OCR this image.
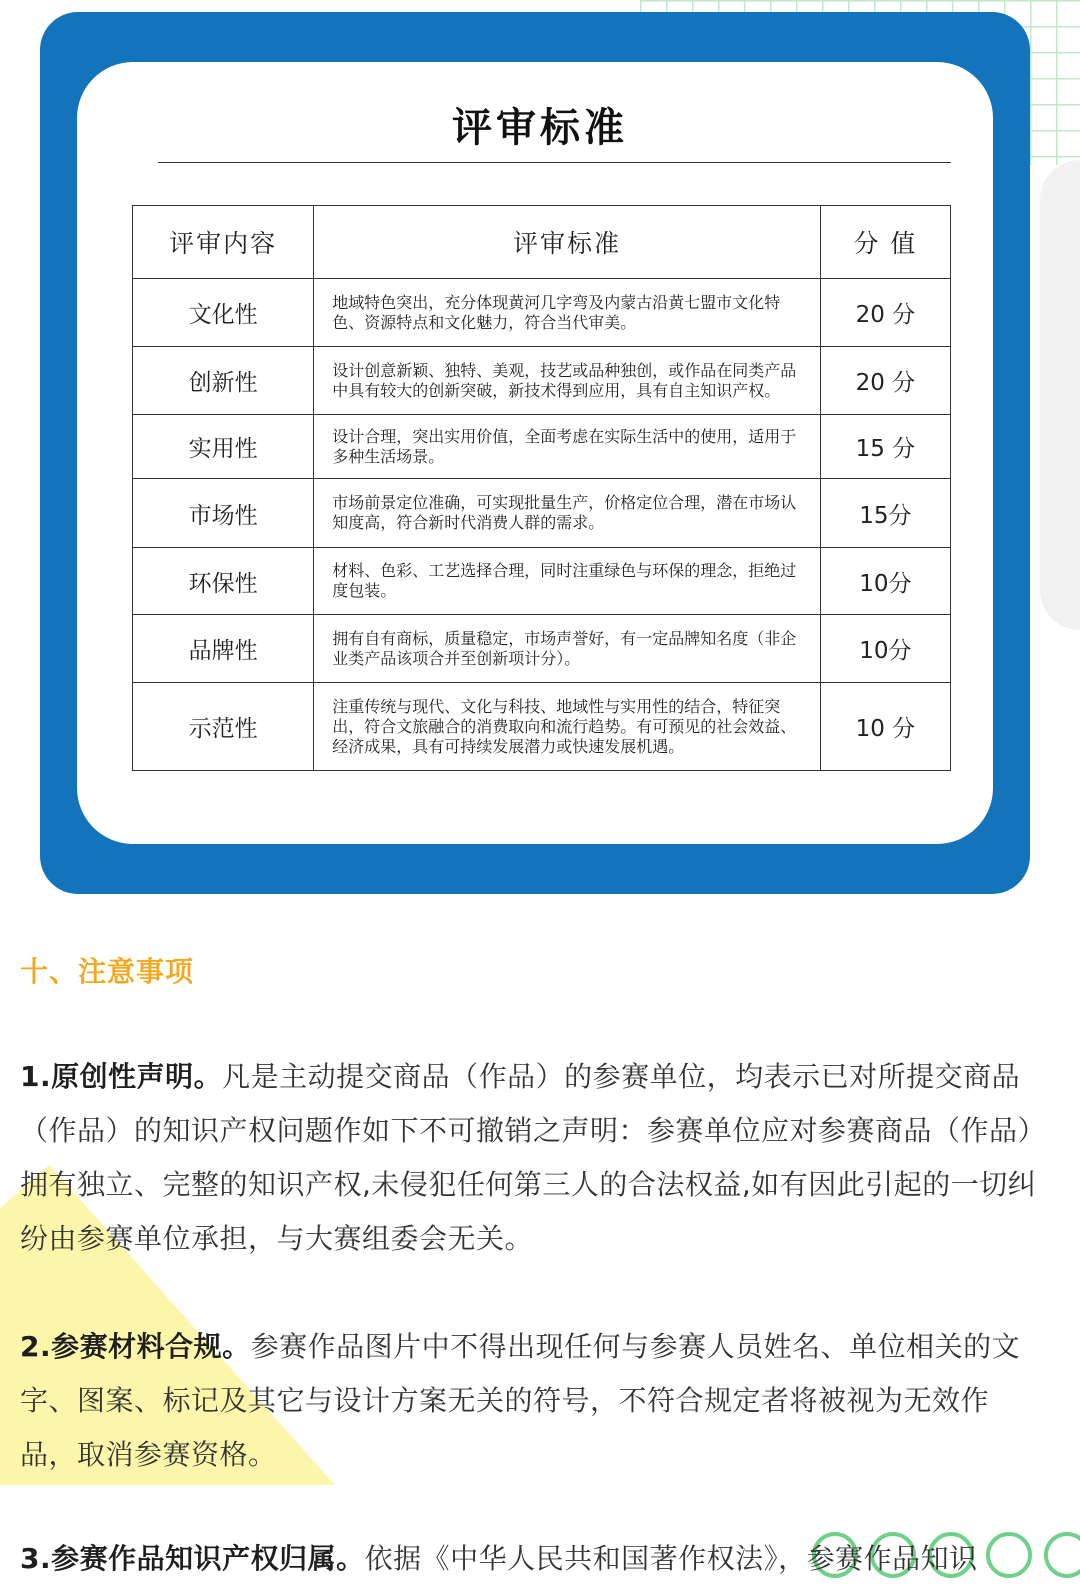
评审标准
评审内容	评审标准	分 值
文化性	地域特色突出，充分体现黄河几字弯及内蒙古沿黄七盟市文化特色、资源特点和文化魅力，符合当代审美。	20 分
创新性	设计创意新颖、独特、美观，技艺或品种独创，或作品在同类产品中具有较大的创新突破，新技术得到应用，具有自主知识产权。	20 分
实用性	设计合理，突出实用价值，全面考虑在实际生活中的使用，适用于多种生活场景。	15 分
市场性	市场前景定位准确，可实现批量生产，价格定位合理，潜在市场认知度高，符合新时代消费人群的需求。	15分
环保性	材料、色彩、工艺选择合理，同时注重绿色与环保的理念，拒绝过度包装。	10分
品牌性	拥有自有商标，质量稳定，市场声誉好，有一定品牌知名度（非企业类产品该项合并至创新项计分）。	10分
示范性	注重传统与现代、文化与科技、地域性与实用性的结合，特征突出，符合文旅融合的消费取向和流行趋势。有可预见的社会效益、经济成果，具有可持续发展潜力或快速发展机遇。	10 分
十、注意事项
1.原创性声明。凡是主动提交商品（作品）的参赛单位，均表示已对所提交商品（作品）的知识产权问题作如下不可撤销之声明：参赛单位应对参赛商品（作品）拥有独立、完整的知识产权,未侵犯任何第三人的合法权益,如有因此引起的一切纠纷由参赛单位承担，与大赛组委会无关。
2.参赛材料合规。参赛作品图片中不得出现任何与参赛人员姓名、单位相关的文字、图案、标记及其它与设计方案无关的符号，不符合规定者将被视为无效作品，取消参赛资格。
3.参赛作品知识产权归属。依据《中华人民共和国著作权法》，参赛作品知识
